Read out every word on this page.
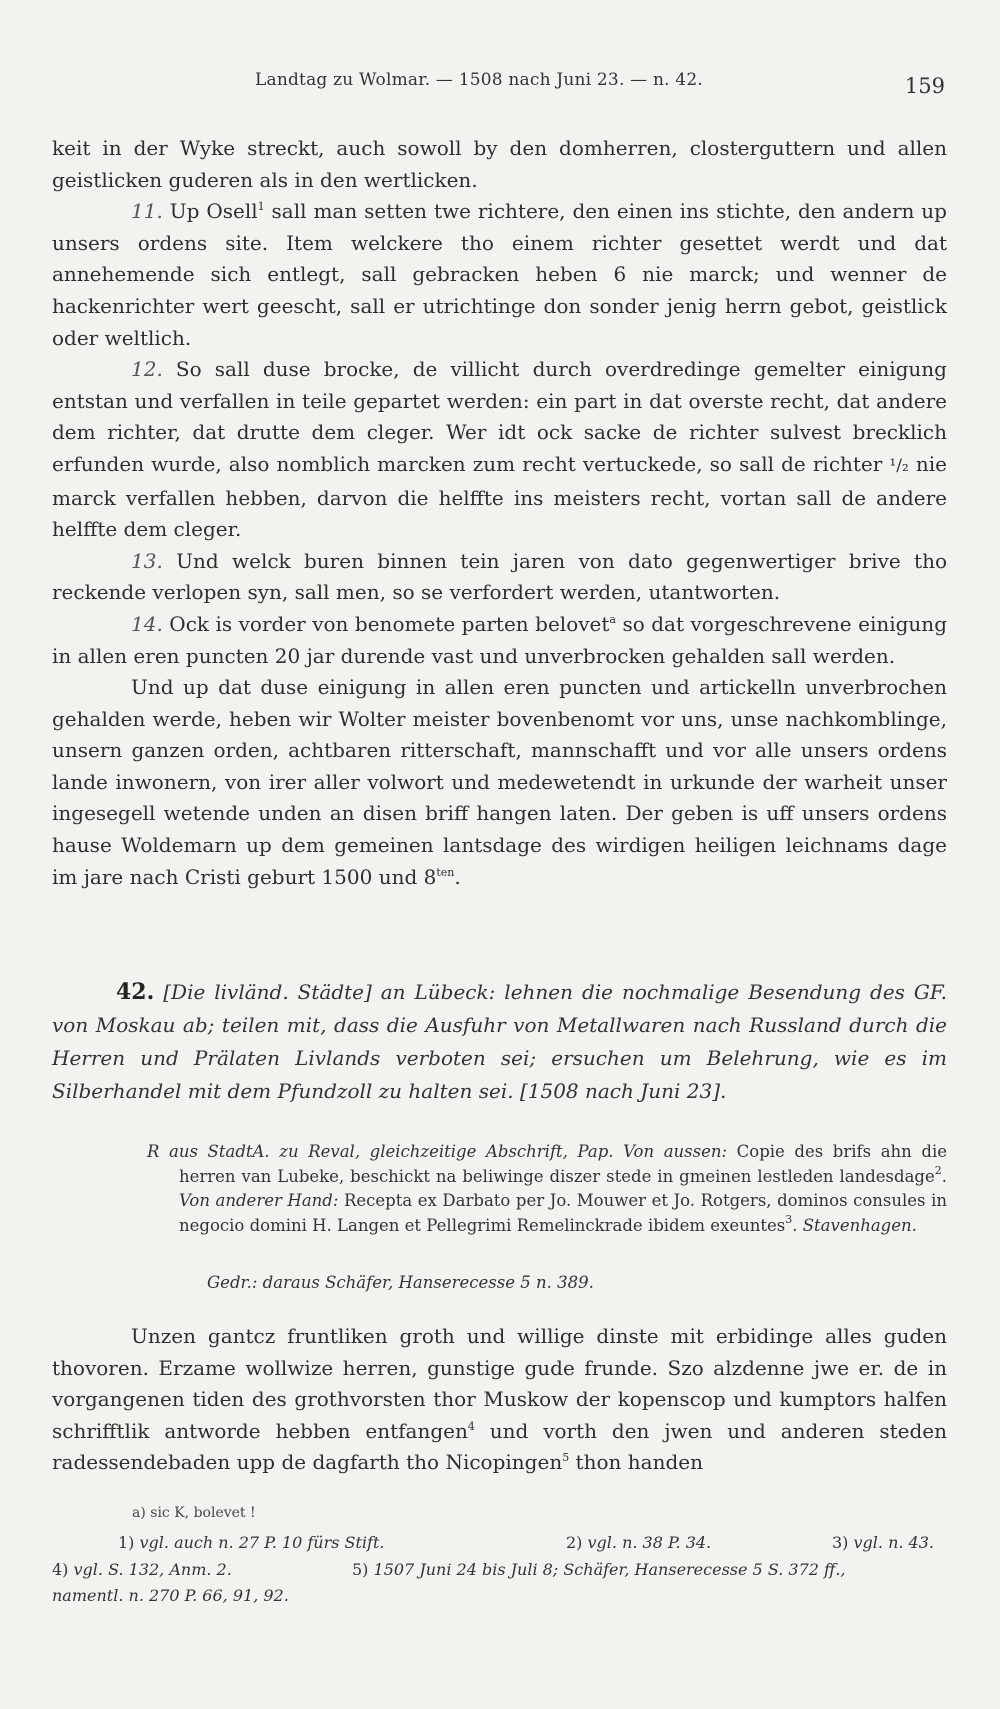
Landtag zu Wolmar. — 1508 nach Juni 23. — n. 42.	159

keit in der Wyke streckt, auch sowoll by den domherren, closterguttern und allen geistlicken guderen als in den wertlicken.

11. Up Osell$^1$ sall man setten twe richtere, den einen ins stichte, den andern up unsers ordens site. Item welckere tho einem richter gesettet werdt und dat annehemende sich entlegt, sall gebracken heben 6 nie marck; und wenner de hackenrichter wert geescht, sall er utrichtinge don sonder jenig herrn gebot, geistlick oder weltlich.

12. So sall duse brocke, de villicht durch overdredinge gemelter einigung entstan und verfallen in teile gepartet werden: ein part in dat overste recht, dat andere dem richter, dat drutte dem cleger. Wer idt ock sacke de richter sulvest brecklich erfunden wurde, also nomblich marcken zum recht vertuckede, so sall de richter ¹/₂ nie marck verfallen hebben, darvon die helffte ins meisters recht, vortan sall de andere helffte dem cleger.

13. Und welck buren binnen tein jaren von dato gegenwertiger brive tho reckende verlopen syn, sall men, so se verfordert werden, utantworten.

14. Ock is vorder von benomete parten belovet$^a$ so dat vorgeschrevene einigung in allen eren puncten 20 jar durende vast und unverbrocken gehalden sall werden.

Und up dat duse einigung in allen eren puncten und artickelln unverbrochen gehalden werde, heben wir Wolter meister bovenbenomt vor uns, unse nachkomblinge, unsern ganzen orden, achtbaren ritterschaft, mannschafft und vor alle unsers ordens lande inwonern, von irer aller volwort und medewetendt in urkunde der warheit unser ingesegell wetende unden an disen briff hangen laten. Der geben is uff unsers ordens hause Woldemarn up dem gemeinen lantsdage des wirdigen heiligen leichnams dage im jare nach Cristi geburt 1500 und $8^{ten}$.

42. [Die livländ. Städte] an Lübeck: lehnen die nochmalige Besendung des GF. von Moskau ab; teilen mit, dass die Ausfuhr von Metallwaren nach Russland durch die Herren und Prälaten Livlands verboten sei; ersuchen um Belehrung, wie es im Silberhandel mit dem Pfundzoll zu halten sei. [1508 nach Juni 23].
R aus StadtA. zu Reval, gleichzeitige Abschrift, Pap. Von aussen: Copie des brifs ahn die herren van Lubeke, beschickt na beliwinge diszer stede in gmeinen lestleden landesdage$^2$. Von anderer Hand: Recepta ex Darbato per Jo. Mouwer et Jo. Rotgers, dominos consules in negocio domini H. Langen et Pellegrimi Remelinckrade ibidem exeuntes$^3$. Stavenhagen.
Gedr.: daraus Schäfer, Hanserecesse 5 n. 389.

Unzen gantcz fruntliken groth und willige dinste mit erbidinge alles guden thovoren. Erzame wollwize herren, gunstige gude frunde. Szo alzdenne jwe er. de in vorgangenen tiden des grothvorsten thor Muskow der kopenscop und kumptors halfen schrifftlik antworde hebben entfangen$^4$ und vorth den jwen und anderen steden radessendebaden upp de dagfarth tho Nicopingen$^5$ thon handen

a) sic K, bolevet !
1) vgl. auch n. 27 P. 10 fürs Stift.	2) vgl. n. 38 P. 34.	3) vgl. n. 43.
4) vgl. S. 132, Anm. 2.	5) 1507 Juni 24 bis Juli 8; Schäfer, Hanserecesse 5 S. 372 ff.,
namentl. n. 270 P. 66, 91, 92.
